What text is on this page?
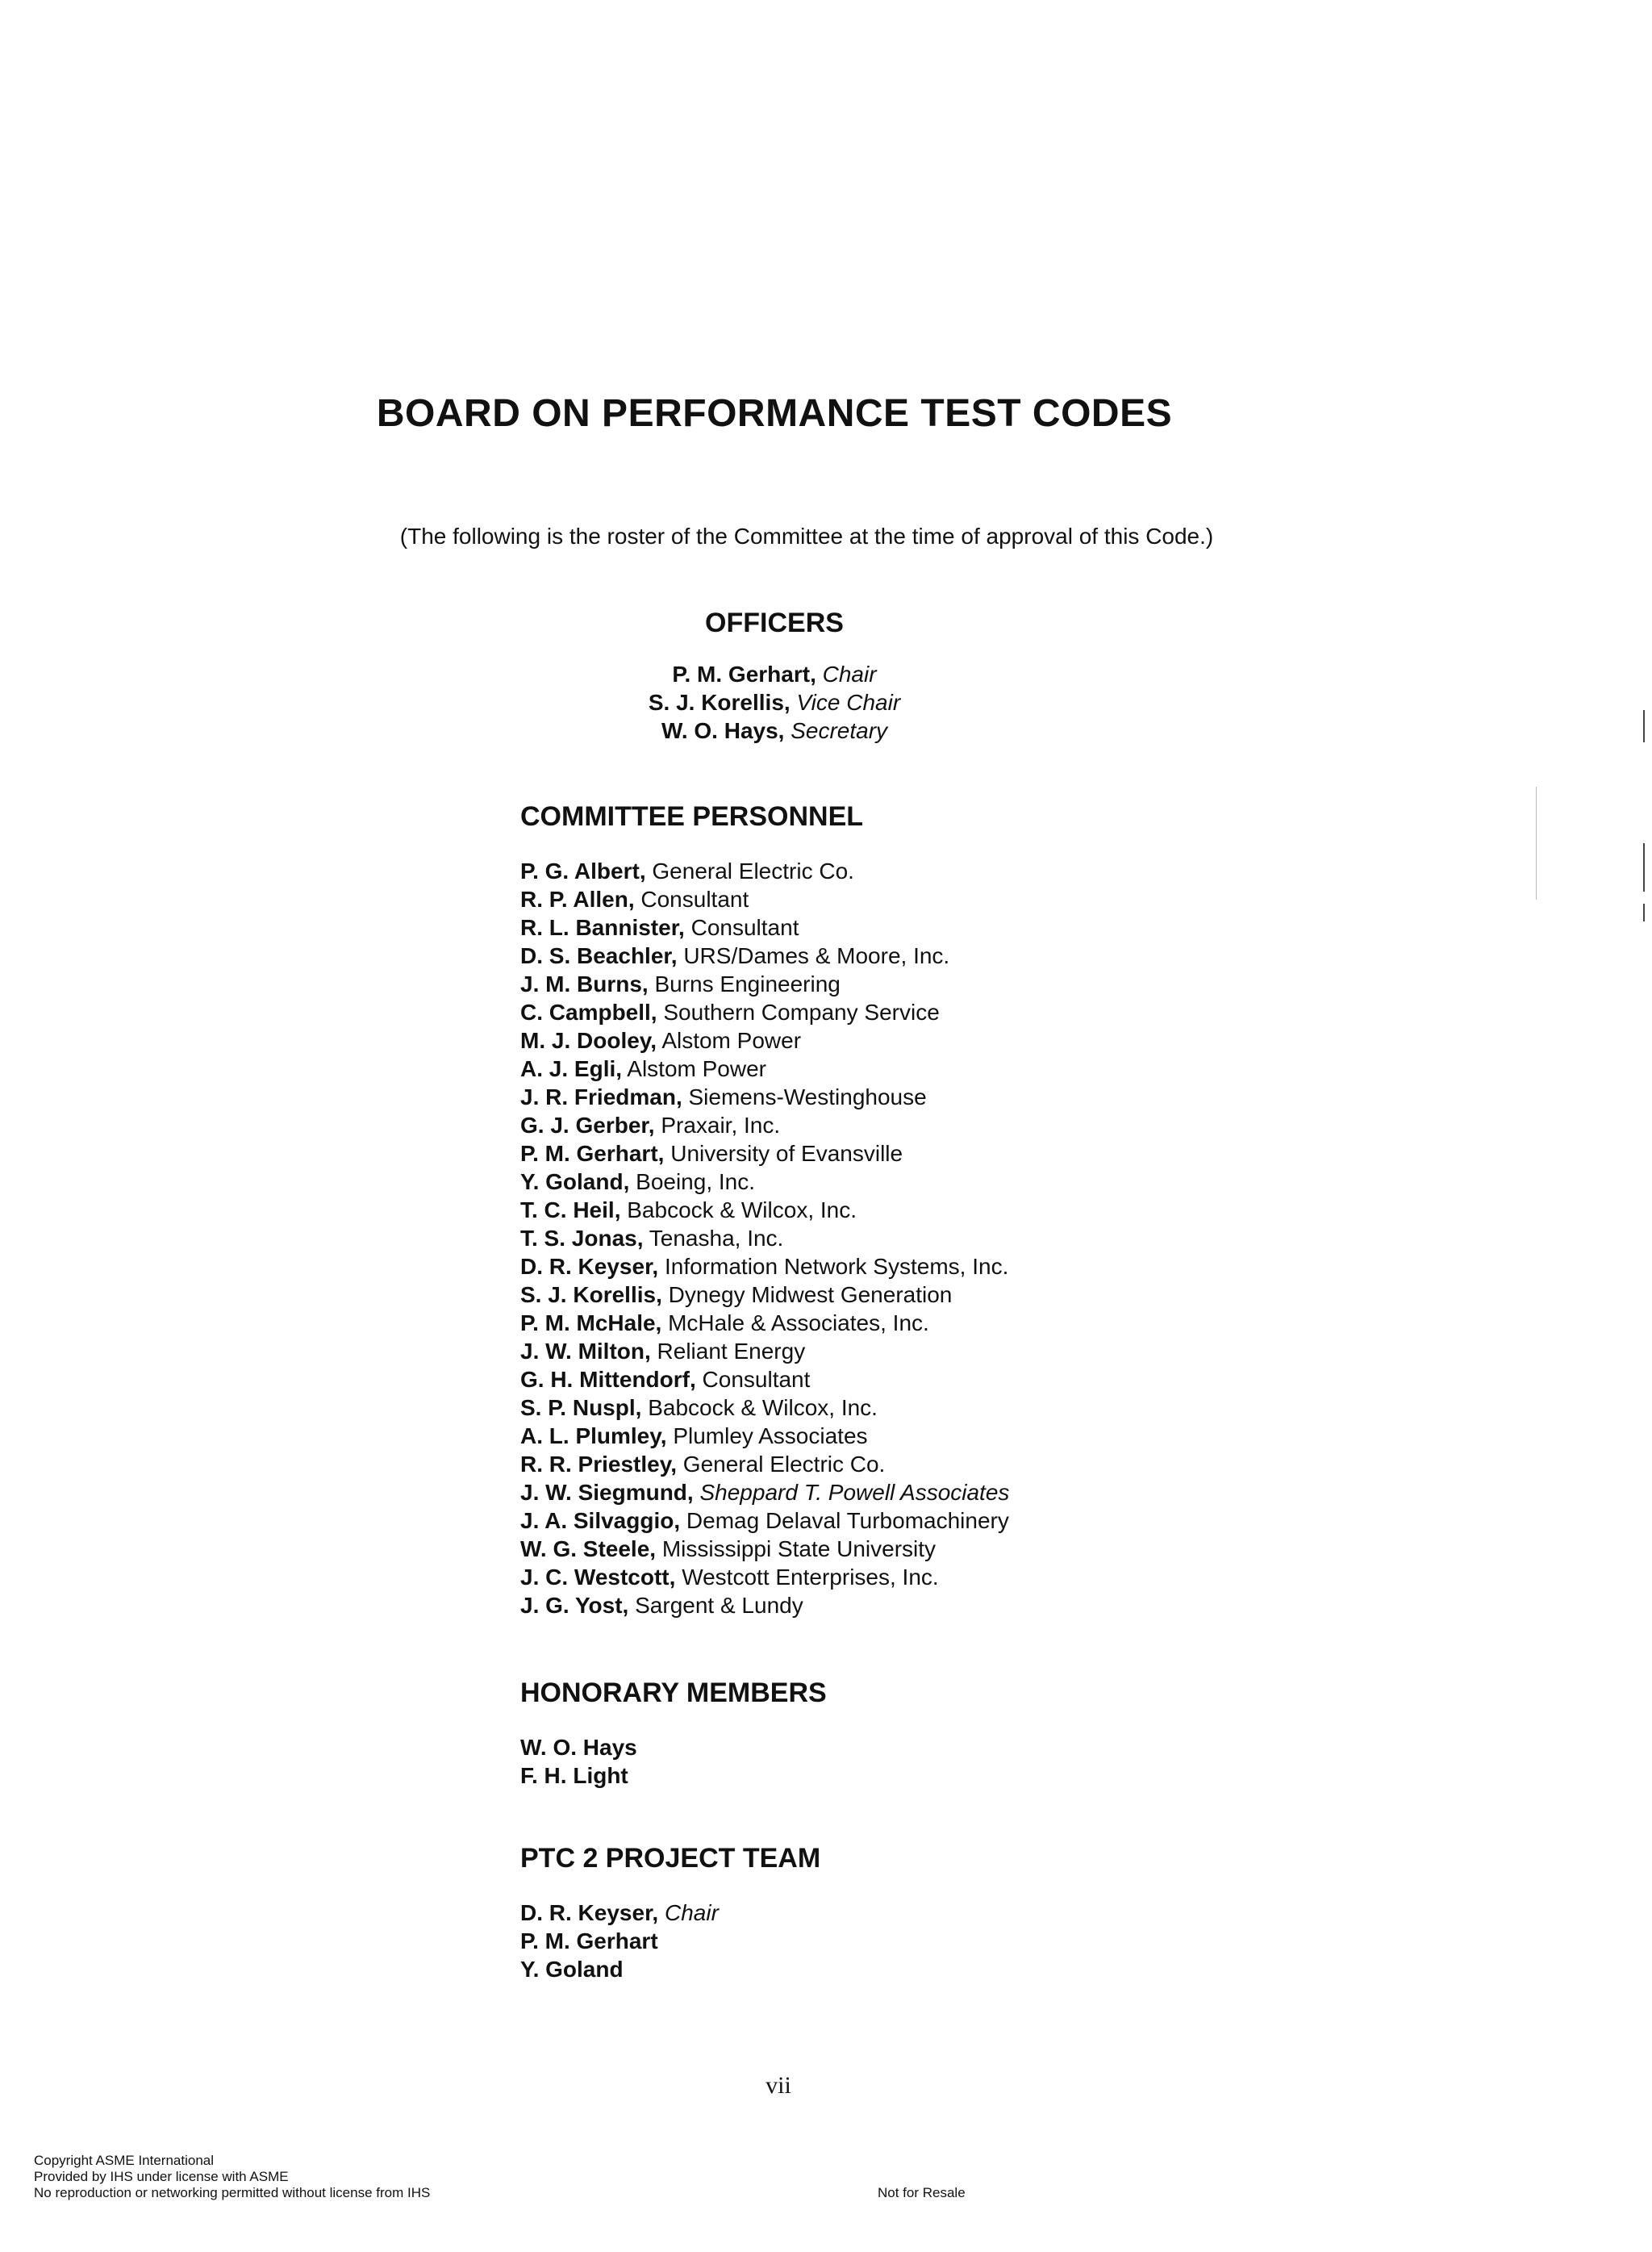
BOARD ON PERFORMANCE TEST CODES
(The following is the roster of the Committee at the time of approval of this Code.)
OFFICERS
P. M. Gerhart, Chair
S. J. Korellis, Vice Chair
W. O. Hays, Secretary
COMMITTEE PERSONNEL
P. G. Albert, General Electric Co.
R. P. Allen, Consultant
R. L. Bannister, Consultant
D. S. Beachler, URS/Dames & Moore, Inc.
J. M. Burns, Burns Engineering
C. Campbell, Southern Company Service
M. J. Dooley, Alstom Power
A. J. Egli, Alstom Power
J. R. Friedman, Siemens-Westinghouse
G. J. Gerber, Praxair, Inc.
P. M. Gerhart, University of Evansville
Y. Goland, Boeing, Inc.
T. C. Heil, Babcock & Wilcox, Inc.
T. S. Jonas, Tenasha, Inc.
D. R. Keyser, Information Network Systems, Inc.
S. J. Korellis, Dynegy Midwest Generation
P. M. McHale, McHale & Associates, Inc.
J. W. Milton, Reliant Energy
G. H. Mittendorf, Consultant
S. P. Nuspl, Babcock & Wilcox, Inc.
A. L. Plumley, Plumley Associates
R. R. Priestley, General Electric Co.
J. W. Siegmund, Sheppard T. Powell Associates
J. A. Silvaggio, Demag Delaval Turbomachinery
W. G. Steele, Mississippi State University
J. C. Westcott, Westcott Enterprises, Inc.
J. G. Yost, Sargent & Lundy
HONORARY MEMBERS
W. O. Hays
F. H. Light
PTC 2 PROJECT TEAM
D. R. Keyser, Chair
P. M. Gerhart
Y. Goland
vii
Copyright ASME International
Provided by IHS under license with ASME
No reproduction or networking permitted without license from IHS	Not for Resale
